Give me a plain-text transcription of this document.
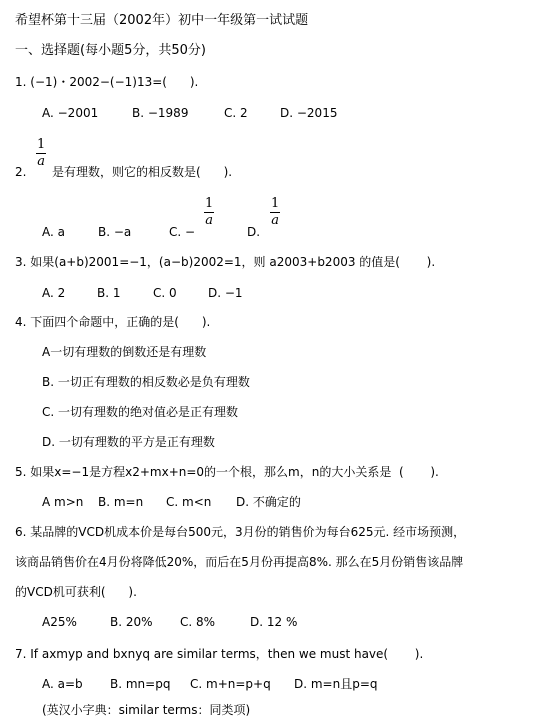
希望杯第十三届（2002年）初中一年级第一试试题
一、选择题(每小题5分，共50分)
1. (−1)・2002−(−1)13=(      ).
A. −2001	B. −1989	C. 2	D. −2015
2.
1
a
是有理数，则它的相反数是(      ).
A. a	B. −a	C. −
1
a
D.
1
a
3. 如果(a+b)2001=−1，(a−b)2002=1，则 a2003+b2003 的值是(       ).
A. 2	B. 1	C. 0	D. −1
4. 下面四个命题中，正确的是(      ).
A一切有理数的倒数还是有理数
B. 一切正有理数的相反数必是负有理数
C. 一切有理数的绝对值必是正有理数
D. 一切有理数的平方是正有理数
5. 如果x=−1是方程x2+mx+n=0的一个根，那么m，n的大小关系是  (       ).
A m>n B. m=n C. m<n D. 不确定的
6. 某品牌的VCD机成本价是每台500元，3月份的销售价为每台625元. 经市场预测，
该商品销售价在4月份将降低20%，而后在5月份再提高8%. 那么在5月份销售该品牌
的VCD机可获利(      ).
A25%	B. 20% C. 8%	D. 12 %
7. If axmyp and bxnyq are similar terms，then we must have(       ).
A. a=b B. mn=pq C. m+n=p+q D. m=n且p=q
(英汉小字典：similar terms：同类项)
